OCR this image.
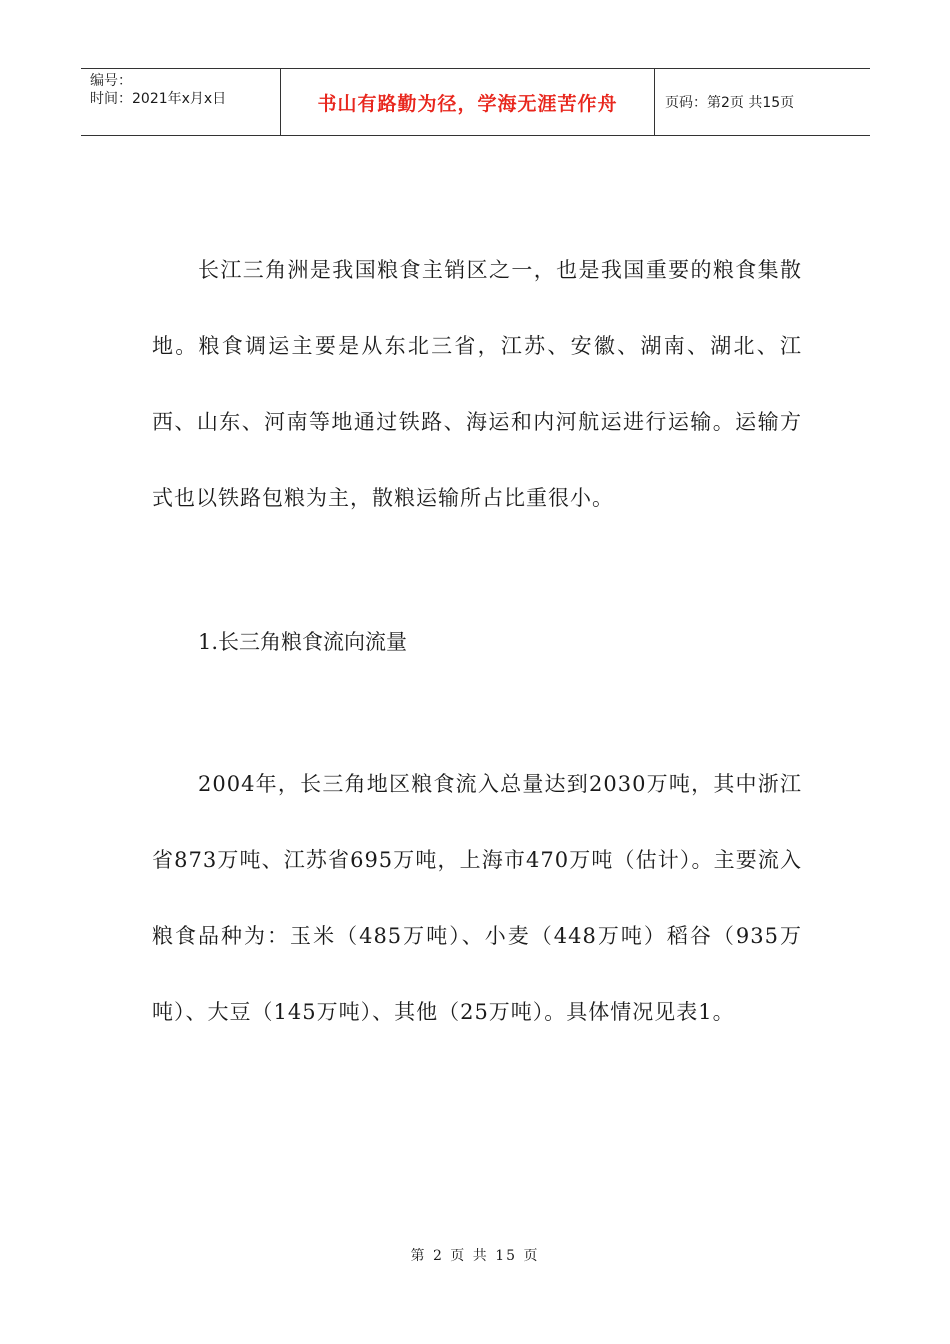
编号：
时间：2021年x月x日	书山有路勤为径，学海无涯苦作舟	页码：第2页 共15页

长江三角洲是我国粮食主销区之一，也是我国重要的粮食集散地。粮食调运主要是从东北三省，江苏、安徽、湖南、湖北、江西、山东、河南等地通过铁路、海运和内河航运进行运输。运输方式也以铁路包粮为主，散粮运输所占比重很小。

1.长三角粮食流向流量

2004年，长三角地区粮食流入总量达到2030万吨，其中浙江省873万吨、江苏省695万吨，上海市470万吨（估计）。主要流入粮食品种为：玉米（485万吨）、小麦（448万吨）稻谷（935万吨）、大豆（145万吨）、其他（25万吨）。具体情况见表1。

第 2 页 共 15 页
